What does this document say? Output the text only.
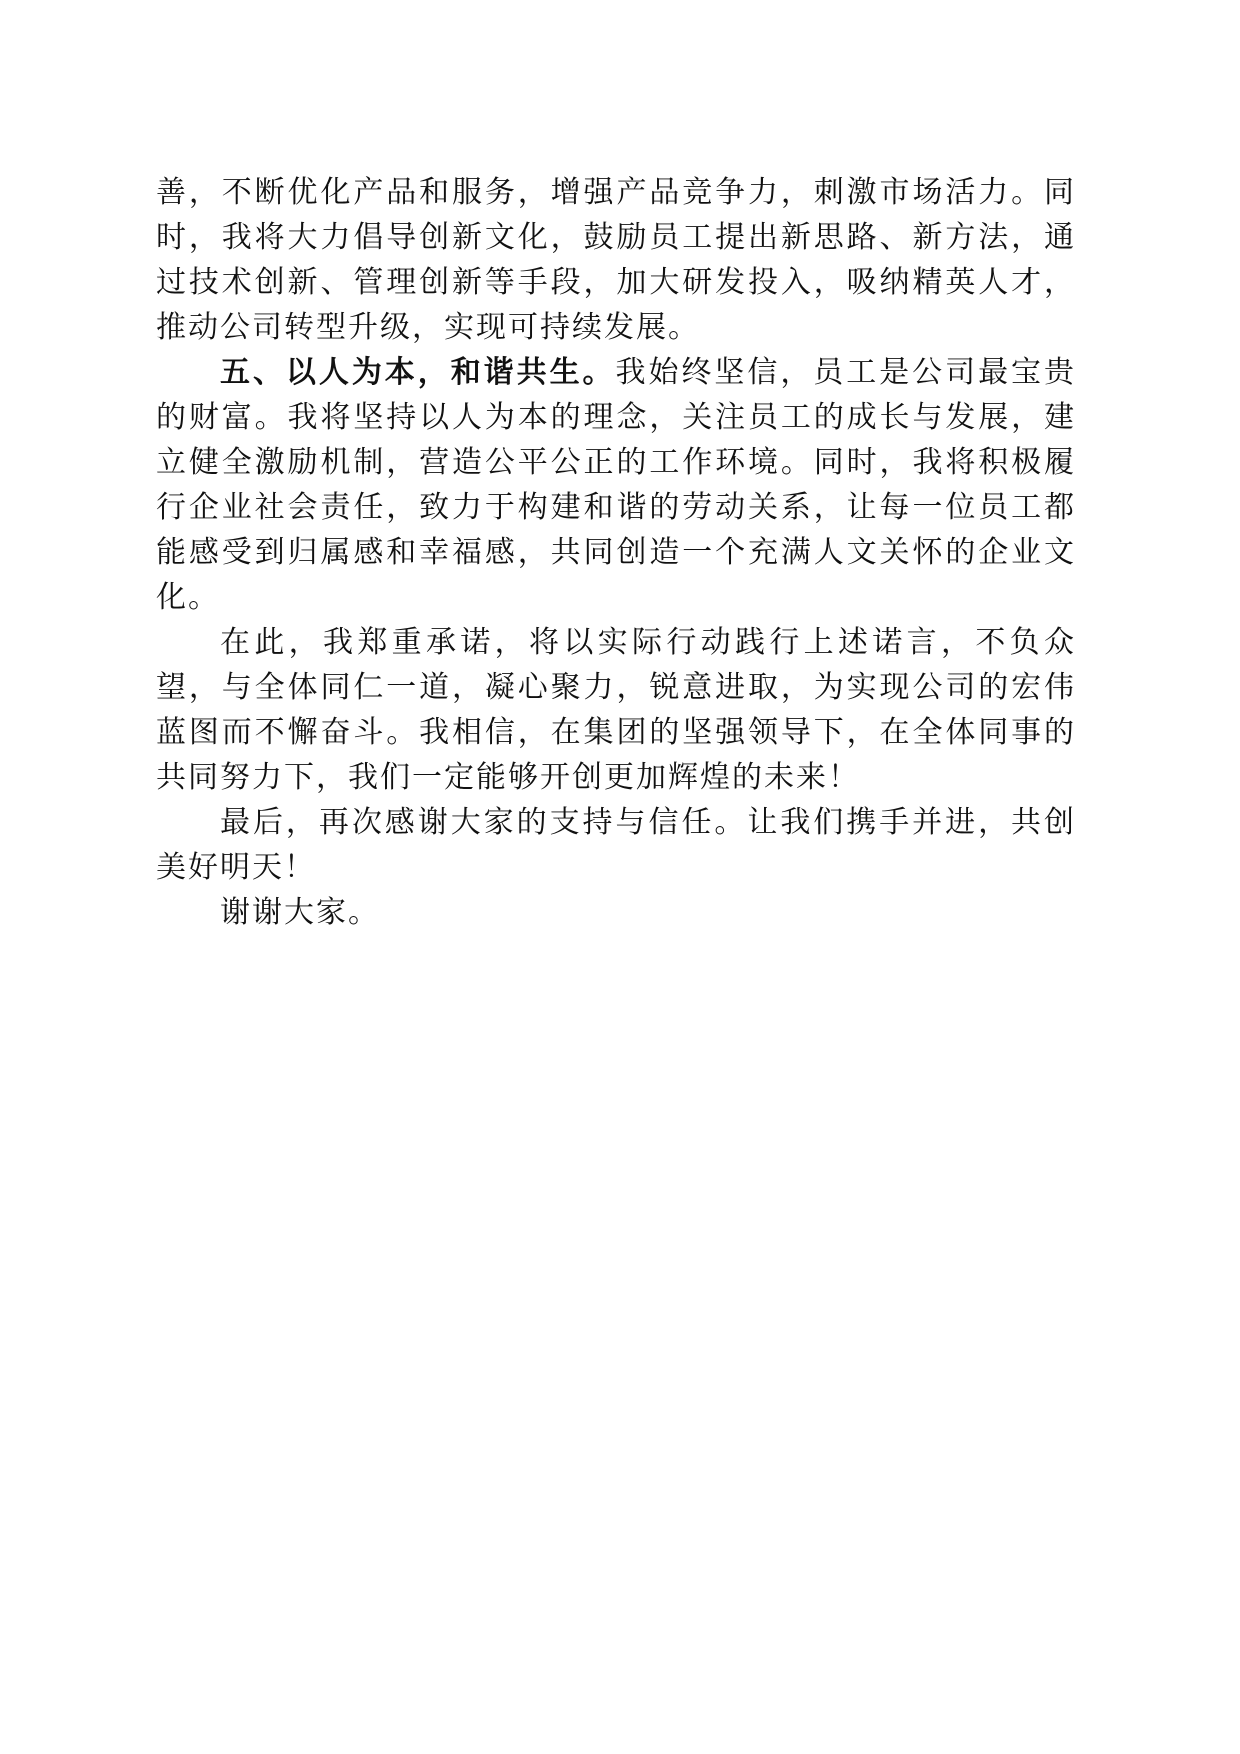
善，不断优化产品和服务，增强产品竞争力，刺激市场活力。同时，我将大力倡导创新文化，鼓励员工提出新思路、新方法，通过技术创新、管理创新等手段，加大研发投入，吸纳精英人才，推动公司转型升级，实现可持续发展。

五、以人为本，和谐共生。我始终坚信，员工是公司最宝贵的财富。我将坚持以人为本的理念，关注员工的成长与发展，建立健全激励机制，营造公平公正的工作环境。同时，我将积极履行企业社会责任，致力于构建和谐的劳动关系，让每一位员工都能感受到归属感和幸福感，共同创造一个充满人文关怀的企业文化。

在此，我郑重承诺，将以实际行动践行上述诺言，不负众望，与全体同仁一道，凝心聚力，锐意进取，为实现公司的宏伟蓝图而不懈奋斗。我相信，在集团的坚强领导下，在全体同事的共同努力下，我们一定能够开创更加辉煌的未来！

最后，再次感谢大家的支持与信任。让我们携手并进，共创美好明天！

谢谢大家。
